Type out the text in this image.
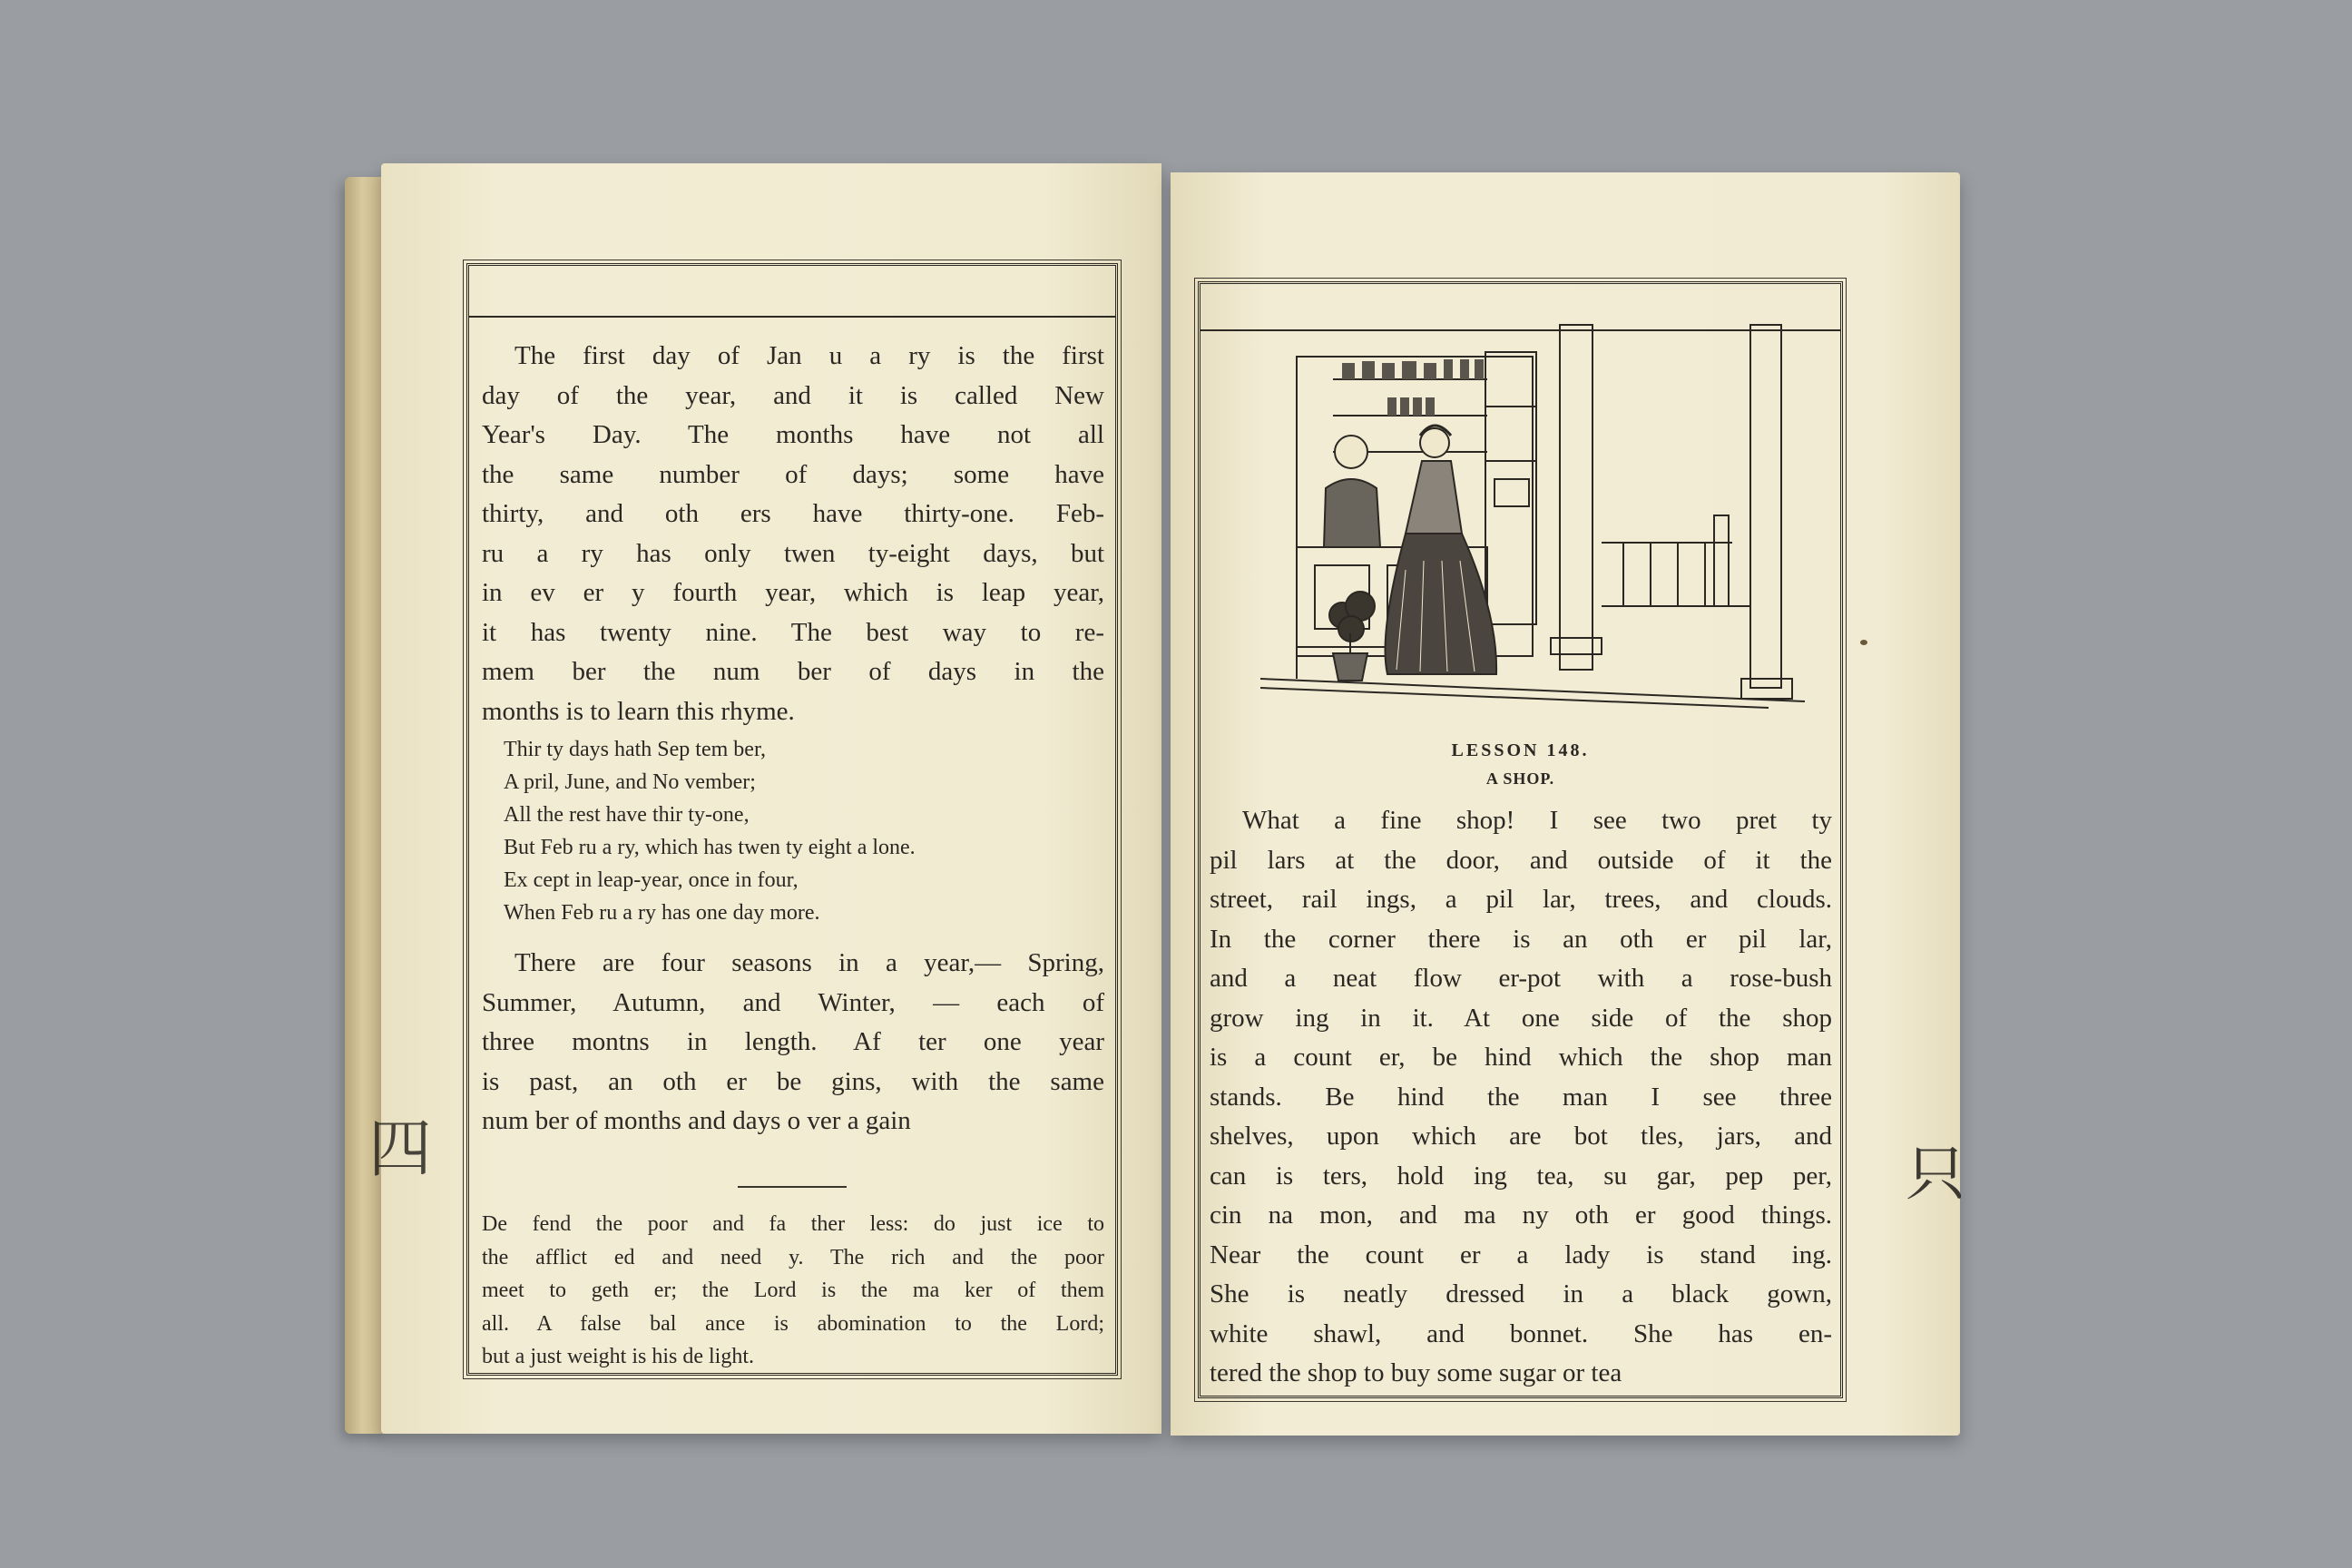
The first day of Jan u a ry is the first
day of the year, and it is called New
Year's Day. The months have not all
the same number of days; some have
thirty, and oth ers have thirty-one. Feb-
ru a ry has only twen ty-eight days, but
in ev er y fourth year, which is leap year,
it has twenty nine. The best way to re-
mem ber the num ber of days in the
months is to learn this rhyme.
Thir ty days hath Sep tem ber,
A pril, June, and No vember;
All the rest have thir ty-one,
But Feb ru a ry, which has twen ty eight a lone.
Ex cept in leap-year, once in four,
When Feb ru a ry has one day more.
There are four seasons in a year,— Spring,
Summer, Autumn, and Winter, — each of
three montns in length. Af ter one year
is past, an oth er be gins, with the same
num ber of months and days o ver a gain
De fend the poor and fa ther less: do just ice to
the afflict ed and need y. The rich and the poor
meet to geth er; the Lord is the ma ker of them
all. A false bal ance is abomination to the Lord;
but a just weight is his de light.
四
LESSON 148.
A SHOP.
What a fine shop! I see two pret ty
pil lars at the door, and outside of it the
street, rail ings, a pil lar, trees, and clouds.
In the corner there is an oth er pil lar,
and a neat flow er-pot with a rose-bush
grow ing in it. At one side of the shop
is a count er, be hind which the shop man
stands. Be hind the man I see three
shelves, upon which are bot tles, jars, and
can is ters, hold ing tea, su gar, pep per,
cin na mon, and ma ny oth er good things.
Near the count er a lady is stand ing.
She is neatly dressed in a black gown,
white shawl, and bonnet. She has en-
tered the shop to buy some sugar or tea
只
